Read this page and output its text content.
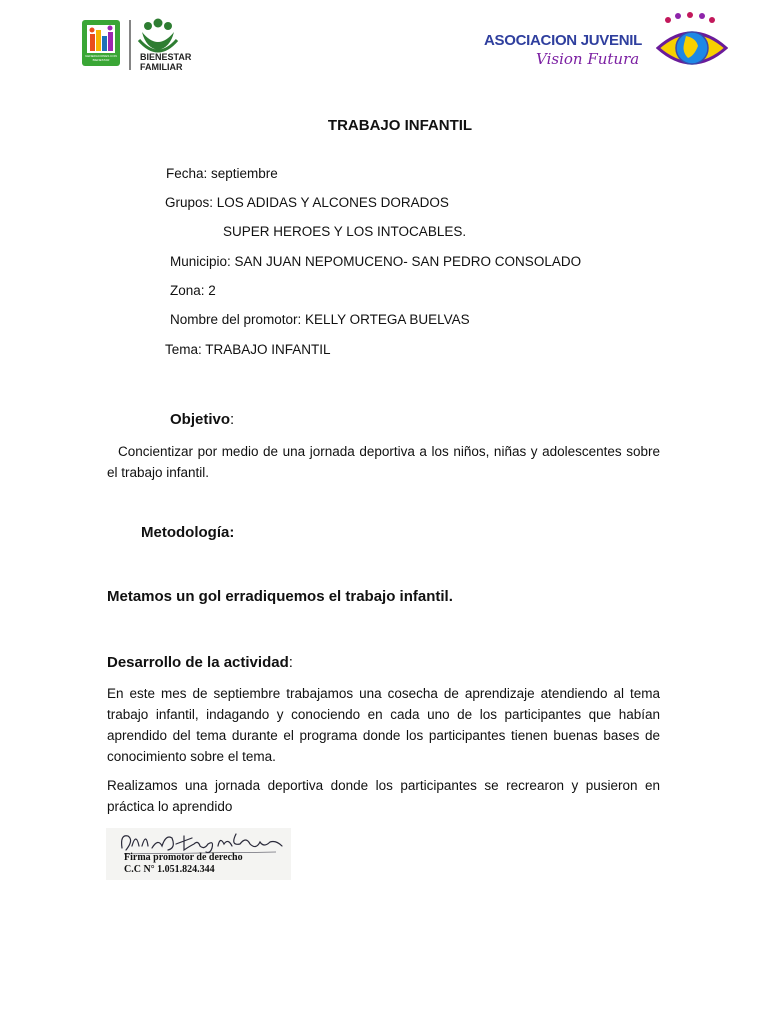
GENERACIONES CON BIENESTAR	BIENESTAR
FAMILIAR
ASOCIACION JUVENIL
Vision Futura
TRABAJO INFANTIL
Fecha: septiembre
Grupos: LOS ADIDAS Y ALCONES DORADOS
SUPER HEROES Y LOS INTOCABLES.
Municipio: SAN JUAN NEPOMUCENO- SAN PEDRO CONSOLADO
Zona: 2
Nombre del promotor: KELLY ORTEGA BUELVAS
Tema: TRABAJO INFANTIL
Objetivo:
Concientizar por medio de una jornada deportiva a los niños, niñas y adolescentes sobre el trabajo infantil.
Metodología:
Metamos un gol erradiquemos el trabajo infantil.
Desarrollo de la actividad:
En este mes de septiembre trabajamos una cosecha de aprendizaje atendiendo al tema trabajo infantil, indagando y conociendo en cada uno de los participantes que habían aprendido del tema durante el programa donde los participantes tienen buenas bases de conocimiento sobre el tema.
Realizamos una jornada deportiva donde los participantes se recrearon y pusieron en práctica lo aprendido
Firma promotor de derecho
C.C N° 1.051.824.344
